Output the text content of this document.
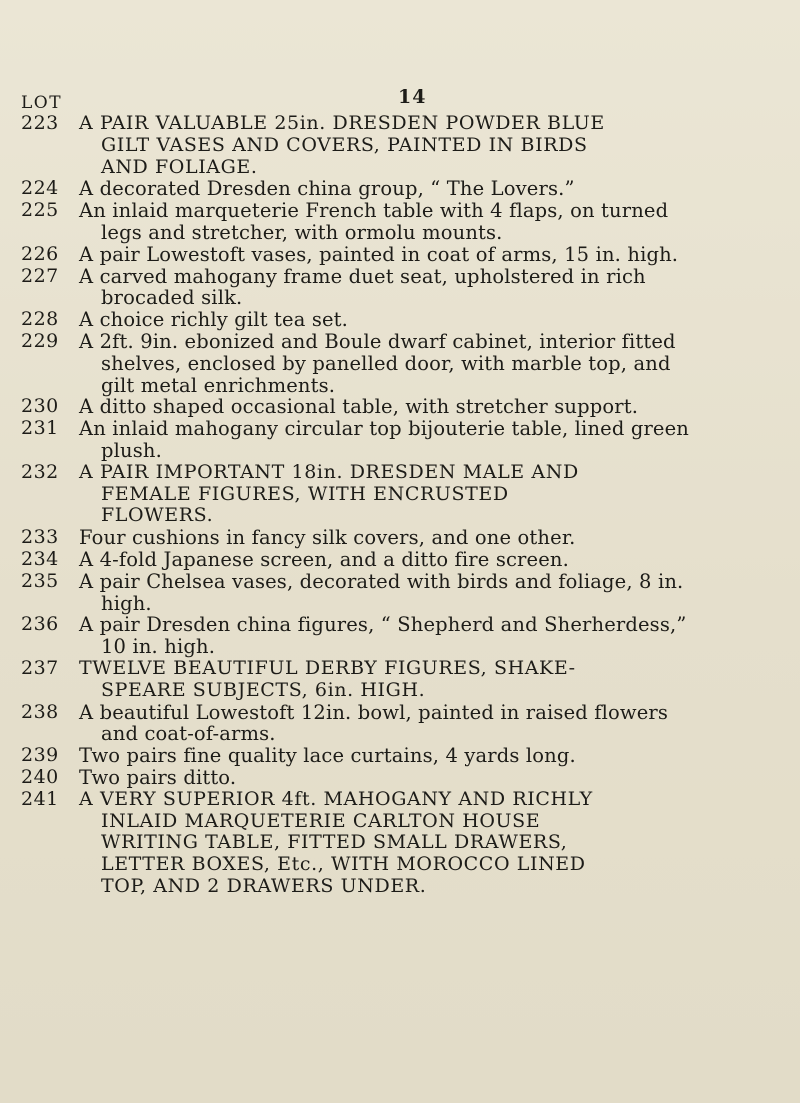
14
LOT
223	A PAIR VALUABLE 25in. DRESDEN POWDER BLUE
GILT VASES AND COVERS, PAINTED IN BIRDS
AND FOLIAGE.
224	A decorated Dresden china group, “ The Lovers.”
225	An inlaid marqueterie French table with 4 flaps, on turned
legs and stretcher, with ormolu mounts.
226	A pair Lowestoft vases, painted in coat of arms, 15 in. high.
227	A carved mahogany frame duet seat, upholstered in rich
brocaded silk.
228	A choice richly gilt tea set.
229	A 2ft. 9in. ebonized and Boule dwarf cabinet, interior fitted
shelves, enclosed by panelled door, with marble top, and
gilt metal enrichments.
230	A ditto shaped occasional table, with stretcher support.
231	An inlaid mahogany circular top bijouterie table, lined green
plush.
232	A PAIR IMPORTANT 18in. DRESDEN MALE AND
FEMALE FIGURES, WITH ENCRUSTED
FLOWERS.
233	Four cushions in fancy silk covers, and one other.
234	A 4-fold Japanese screen, and a ditto fire screen.
235	A pair Chelsea vases, decorated with birds and foliage, 8 in.
high.
236	A pair Dresden china figures, “ Shepherd and Sherherdess,”
10 in. high.
237	TWELVE BEAUTIFUL DERBY FIGURES, SHAKE-
SPEARE SUBJECTS, 6in. HIGH.
238	A beautiful Lowestoft 12in. bowl, painted in raised flowers
and coat-of-arms.
239	Two pairs fine quality lace curtains, 4 yards long.
240	Two pairs ditto.
241	A VERY SUPERIOR 4ft. MAHOGANY AND RICHLY
INLAID MARQUETERIE CARLTON HOUSE
WRITING TABLE, FITTED SMALL DRAWERS,
LETTER BOXES, Etc., WITH MOROCCO LINED
TOP, AND 2 DRAWERS UNDER.
